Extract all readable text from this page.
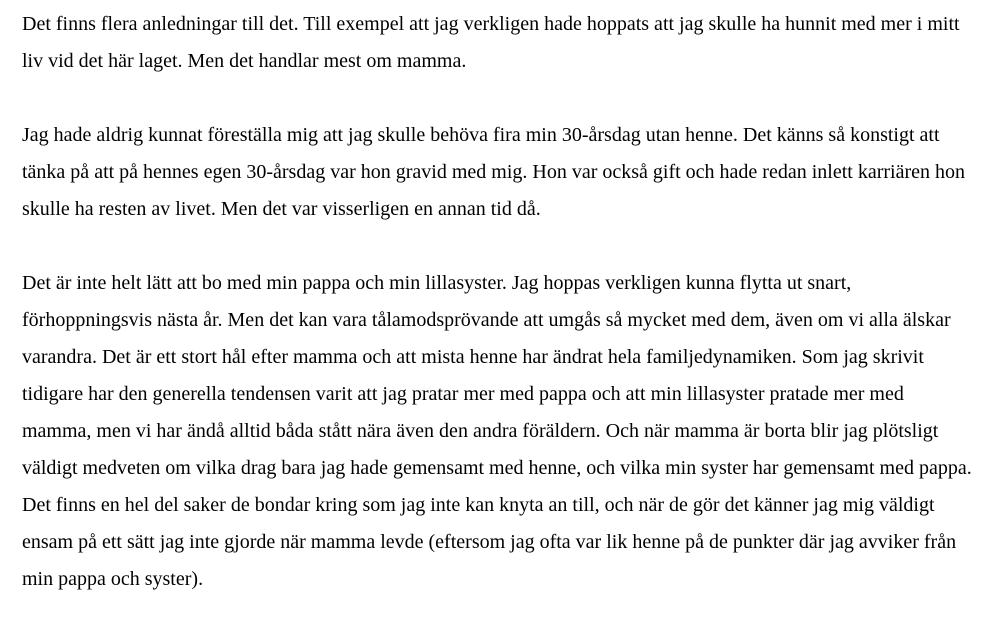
Det finns flera anledningar till det. Till exempel att jag verkligen hade hoppats att jag skulle ha hunnit med mer i mitt liv vid det här laget. Men det handlar mest om mamma.

Jag hade aldrig kunnat föreställa mig att jag skulle behöva fira min 30-årsdag utan henne. Det känns så konstigt att tänka på att på hennes egen 30-årsdag var hon gravid med mig. Hon var också gift och hade redan inlett karriären hon skulle ha resten av livet. Men det var visserligen en annan tid då.

Det är inte helt lätt att bo med min pappa och min lillasyster. Jag hoppas verkligen kunna flytta ut snart, förhoppningsvis nästa år. Men det kan vara tålamodsprövande att umgås så mycket med dem, även om vi alla älskar varandra. Det är ett stort hål efter mamma och att mista henne har ändrat hela familjedynamiken. Som jag skrivit tidigare har den generella tendensen varit att jag pratar mer med pappa och att min lillasyster pratade mer med mamma, men vi har ändå alltid båda stått nära även den andra föräldern. Och när mamma är borta blir jag plötsligt väldigt medveten om vilka drag bara jag hade gemensamt med henne, och vilka min syster har gemensamt med pappa. Det finns en hel del saker de bondar kring som jag inte kan knyta an till, och när de gör det känner jag mig väldigt ensam på ett sätt jag inte gjorde när mamma levde (eftersom jag ofta var lik henne på de punkter där jag avviker från min pappa och syster).
